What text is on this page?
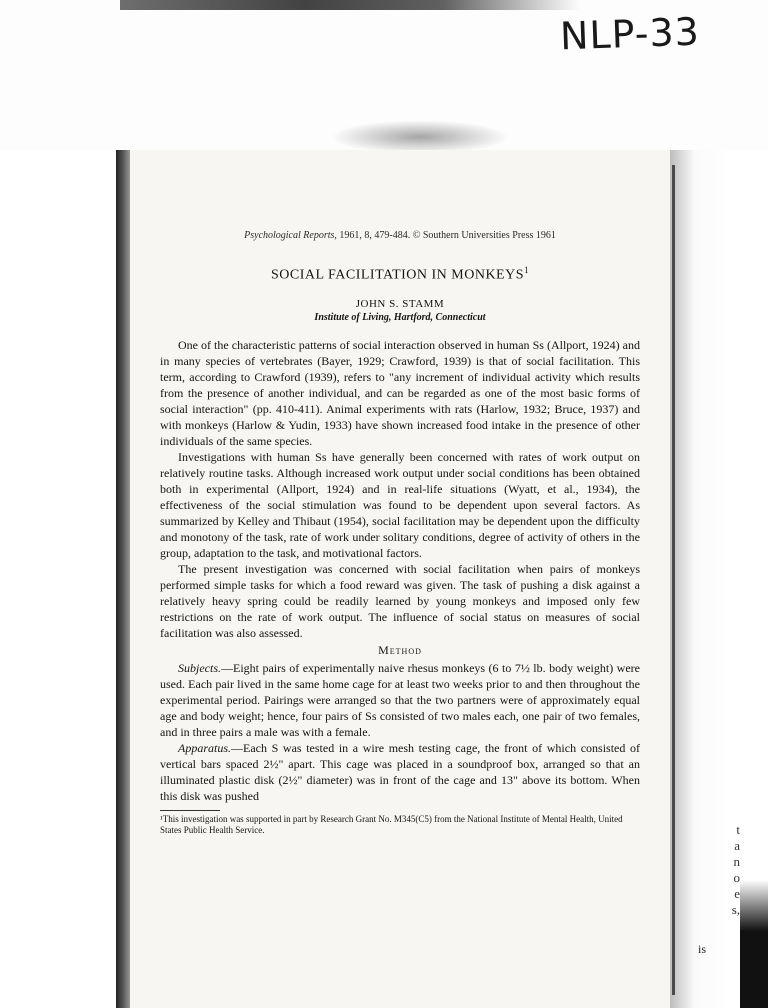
NLP-33
t
a
n
o
e
s,
is

Psychological Reports, 1961, 8, 479-484. © Southern Universities Press 1961

SOCIAL FACILITATION IN MONKEYS$^1$

JOHN S. STAMM

Institute of Living, Hartford, Connecticut

One of the characteristic patterns of social interaction observed in human Ss (Allport, 1924) and in many species of vertebrates (Bayer, 1929; Crawford, 1939) is that of social facilitation. This term, according to Crawford (1939), refers to "any increment of individual activity which results from the presence of another individual, and can be regarded as one of the most basic forms of social interaction" (pp. 410-411). Animal experiments with rats (Harlow, 1932; Bruce, 1937) and with monkeys (Harlow & Yudin, 1933) have shown increased food intake in the presence of other individuals of the same species.

Investigations with human Ss have generally been concerned with rates of work output on relatively routine tasks. Although increased work output under social conditions has been obtained both in experimental (Allport, 1924) and in real-life situations (Wyatt, et al., 1934), the effectiveness of the social stimulation was found to be dependent upon several factors. As summarized by Kelley and Thibaut (1954), social facilitation may be dependent upon the difficulty and monotony of the task, rate of work under solitary conditions, degree of activity of others in the group, adaptation to the task, and motivational factors.

The present investigation was concerned with social facilitation when pairs of monkeys performed simple tasks for which a food reward was given. The task of pushing a disk against a relatively heavy spring could be readily learned by young monkeys and imposed only few restrictions on the rate of work output. The influence of social status on measures of social facilitation was also assessed.

Method

Subjects.—Eight pairs of experimentally naive rhesus monkeys (6 to 7½ lb. body weight) were used. Each pair lived in the same home cage for at least two weeks prior to and then throughout the experimental period. Pairings were arranged so that the two partners were of approximately equal age and body weight; hence, four pairs of Ss consisted of two males each, one pair of two females, and in three pairs a male was with a female.

Apparatus.—Each S was tested in a wire mesh testing cage, the front of which consisted of vertical bars spaced 2½" apart. This cage was placed in a soundproof box, arranged so that an illuminated plastic disk (2½" diameter) was in front of the cage and 13" above its bottom. When this disk was pushed

¹This investigation was supported in part by Research Grant No. M345(C5) from the National Institute of Mental Health, United States Public Health Service.
